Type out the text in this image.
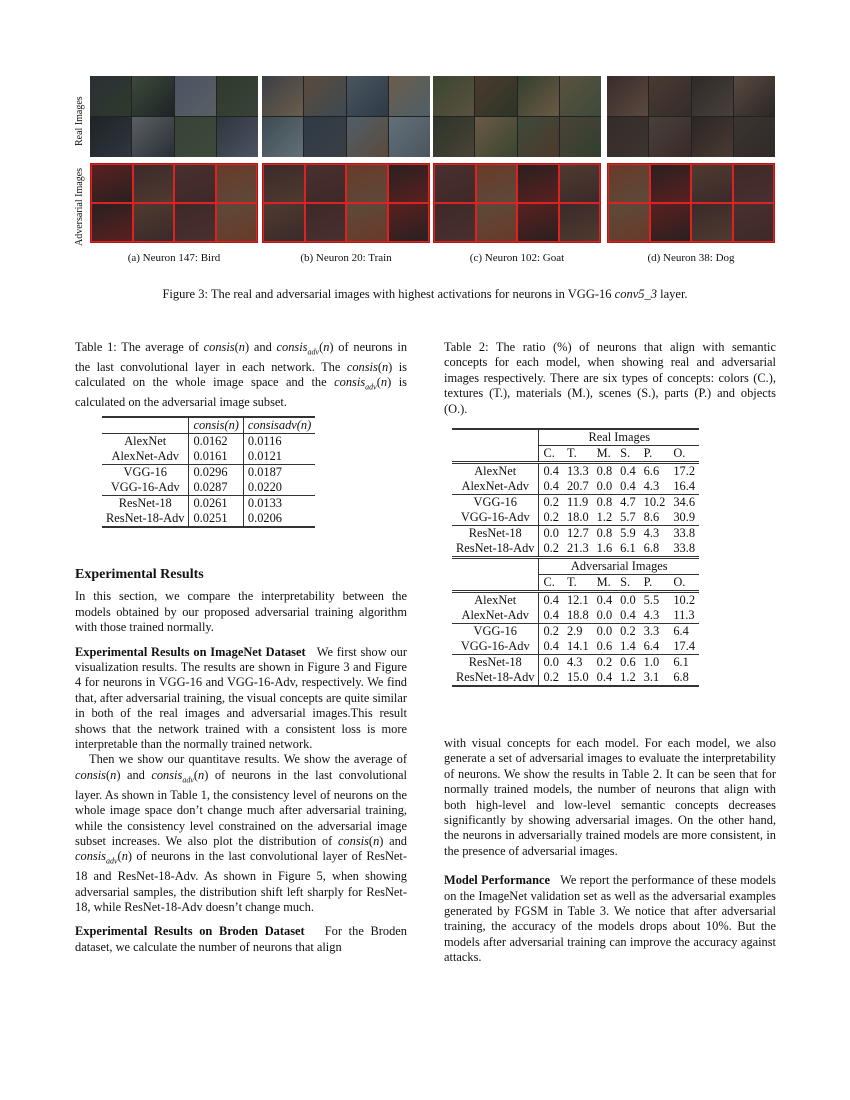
Real Images
Adversarial Images
(a) Neuron 147: Bird	(b) Neuron 20: Train	(c) Neuron 102: Goat	(d) Neuron 38: Dog
Figure 3: The real and adversarial images with highest activations for neurons in VGG-16 conv5_3 layer.

Table 1: The average of consis(n) and consis$_{adv}$(n) of neurons in the last convolutional layer in each network. The consis(n) is calculated on the whole image space and the consis$_{adv}$(n) is calculated on the adversarial image subset.

	consis(n)	consisadv(n)
AlexNet	0.0162	0.0116
AlexNet-Adv	0.0161	0.0121
VGG-16	0.0296	0.0187
VGG-16-Adv	0.0287	0.0220
ResNet-18	0.0261	0.0133
ResNet-18-Adv	0.0251	0.0206

Experimental Results

In this section, we compare the interpretability between the models obtained by our proposed adversarial training algorithm with those trained normally.

Experimental Results on ImageNet Dataset We first show our visualization results. The results are shown in Figure 3 and Figure 4 for neurons in VGG-16 and VGG-16-Adv, respectively. We find that, after adversarial training, the visual concepts are quite similar in both of the real images and adversarial images.This result shows that the network trained with a consistent loss is more interpretable than the normally trained network.

Then we show our quantitave results. We show the average of consis(n) and consis$_{adv}$(n) of neurons in the last convolutional layer. As shown in Table 1, the consistency level of neurons on the whole image space don’t change much after adversarial training, while the consistency level constrained on the adversarial image subset increases. We also plot the distribution of consis(n) and consis$_{adv}$(n) of neurons in the last convolutional layer of ResNet-18 and ResNet-18-Adv. As shown in Figure 5, when showing adversarial samples, the distribution shift left sharply for ResNet-18, while ResNet-18-Adv doesn’t change much.

Experimental Results on Broden Dataset For the Broden dataset, we calculate the number of neurons that align

Table 2: The ratio (%) of neurons that align with semantic concepts for each model, when showing real and adversarial images respectively. There are six types of concepts: colors (C.), textures (T.), materials (M.), scenes (S.), parts (P.) and objects (O.).
	Real Images					
	C.	T.	M.	S.	P.	O.
AlexNet	0.4	13.3	0.8	0.4	6.6	17.2
AlexNet-Adv	0.4	20.7	0.0	0.4	4.3	16.4
VGG-16	0.2	11.9	0.8	4.7	10.2	34.6
VGG-16-Adv	0.2	18.0	1.2	5.7	8.6	30.9
ResNet-18	0.0	12.7	0.8	5.9	4.3	33.8
ResNet-18-Adv	0.2	21.3	1.6	6.1	6.8	33.8
	Adversarial Images					
	C.	T.	M.	S.	P.	O.
AlexNet	0.4	12.1	0.4	0.0	5.5	10.2
AlexNet-Adv	0.4	18.8	0.0	0.4	4.3	11.3
VGG-16	0.2	2.9	0.0	0.2	3.3	6.4
VGG-16-Adv	0.4	14.1	0.6	1.4	6.4	17.4
ResNet-18	0.0	4.3	0.2	0.6	1.0	6.1
ResNet-18-Adv	0.2	15.0	0.4	1.2	3.1	6.8

with visual concepts for each model. For each model, we also generate a set of adversarial images to evaluate the interpretability of neurons. We show the results in Table 2. It can be seen that for normally trained models, the number of neurons that align with both high-level and low-level semantic concepts decreases significantly by showing adversarial images. On the other hand, the neurons in adversarially trained models are more consistent, in the presence of adversarial images.

Model Performance We report the performance of these models on the ImageNet validation set as well as the adversarial examples generated by FGSM in Table 3. We notice that after adversarial training, the accuracy of the models drops about 10%. But the models after adversarial training can improve the accuracy against attacks.
